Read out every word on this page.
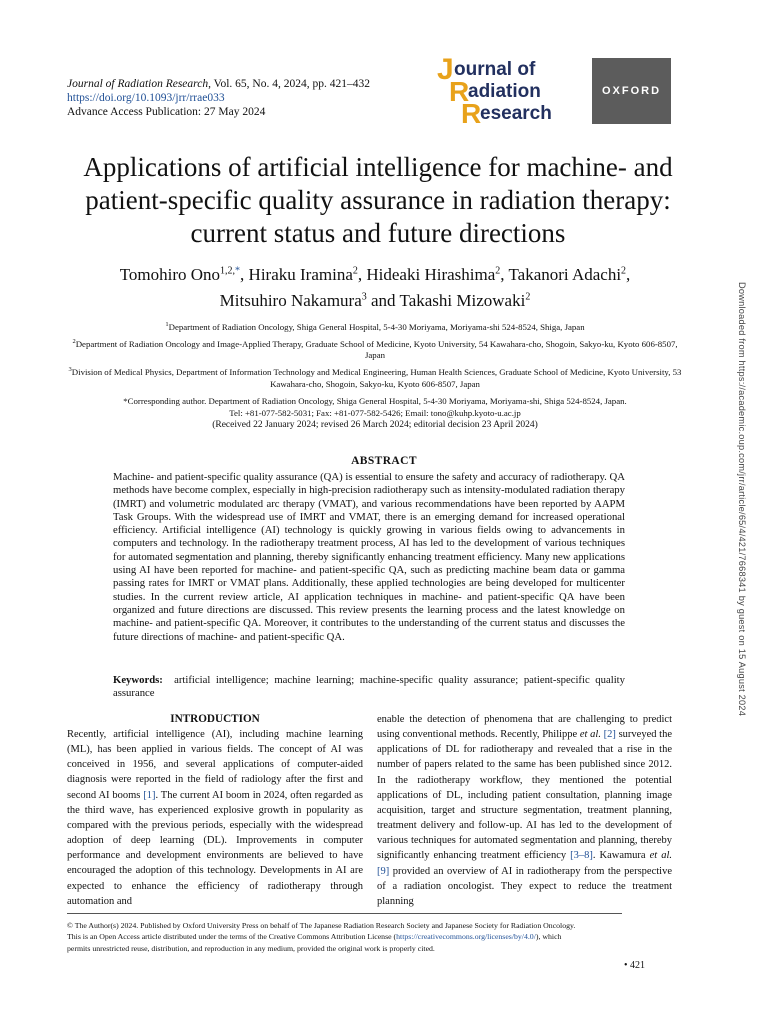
Journal of Radiation Research, Vol. 65, No. 4, 2024, pp. 421–432
https://doi.org/10.1093/jrr/rrae033
Advance Access Publication: 27 May 2024
J ournal of
R
adiation
R
esearch
OXFORD
Applications of artificial intelligence for machine- and patient-specific quality assurance in radiation therapy: current status and future directions
Tomohiro Ono$^{1,2,*}$, Hiraku Iramina$^2$, Hideaki Hirashima$^2$, Takanori Adachi$^2$,
Mitsuhiro Nakamura$^3$ and Takashi Mizowaki$^2$

$^1$Department of Radiation Oncology, Shiga General Hospital, 5-4-30 Moriyama, Moriyama-shi 524-8524, Shiga, Japan

$^2$Department of Radiation Oncology and Image-Applied Therapy, Graduate School of Medicine, Kyoto University, 54 Kawahara-cho, Shogoin, Sakyo-ku, Kyoto 606-8507, Japan

$^3$Division of Medical Physics, Department of Information Technology and Medical Engineering, Human Health Sciences, Graduate School of Medicine, Kyoto University, 53 Kawahara-cho, Shogoin, Sakyo-ku, Kyoto 606-8507, Japan

*Corresponding author. Department of Radiation Oncology, Shiga General Hospital, 5-4-30 Moriyama, Moriyama-shi, Shiga 524-8524, Japan.
Tel: +81-077-582-5031; Fax: +81-077-582-5426; Email: tono@kuhp.kyoto-u.ac.jp
(Received 22 January 2024; revised 26 March 2024; editorial decision 23 April 2024)

ABSTRACT

Machine- and patient-specific quality assurance (QA) is essential to ensure the safety and accuracy of radiotherapy. QA methods have become complex, especially in high-precision radiotherapy such as intensity-modulated radiation therapy (IMRT) and volumetric modulated arc therapy (VMAT), and various recommendations have been reported by AAPM Task Groups. With the widespread use of IMRT and VMAT, there is an emerging demand for increased operational efficiency. Artificial intelligence (AI) technology is quickly growing in various fields owing to advancements in computers and technology. In the radiotherapy treatment process, AI has led to the development of various techniques for automated segmentation and planning, thereby significantly enhancing treatment efficiency. Many new applications using AI have been reported for machine- and patient-specific QA, such as predicting machine beam data or gamma passing rates for IMRT or VMAT plans. Additionally, these applied technologies are being developed for multicenter studies. In the current review article, AI application techniques in machine- and patient-specific QA have been organized and future directions are discussed. This review presents the learning process and the latest knowledge on machine- and patient-specific QA. Moreover, it contributes to the understanding of the current status and discusses the future directions of machine- and patient-specific QA.

Keywords: artificial intelligence; machine learning; machine-specific quality assurance; patient-specific quality assurance

INTRODUCTION

Recently, artificial intelligence (AI), including machine learning (ML), has been applied in various fields. The concept of AI was conceived in 1956, and several applications of computer-aided diagnosis were reported in the field of radiology after the first and second AI booms [1]. The current AI boom in 2024, often regarded as the third wave, has experienced explosive growth in popularity as compared with the previous periods, especially with the widespread adoption of deep learning (DL). Improvements in computer performance and development environments are believed to have encouraged the adoption of this technology. Developments in AI are expected to enhance the efficiency of radiotherapy through automation and

enable the detection of phenomena that are challenging to predict using conventional methods. Recently, Philippe et al. [2] surveyed the applications of DL for radiotherapy and revealed that a rise in the number of papers related to the same has been published since 2012. In the radiotherapy workflow, they mentioned the potential applications of DL, including patient consultation, planning image acquisition, target and structure segmentation, treatment planning, treatment delivery and follow-up. AI has led to the development of various techniques for automated segmentation and planning, thereby significantly enhancing treatment efficiency [3–8]. Kawamura et al. [9] provided an overview of AI in radiotherapy from the perspective of a radiation oncologist. They expect to reduce the treatment planning

© The Author(s) 2024. Published by Oxford University Press on behalf of The Japanese Radiation Research Society and Japanese Society for Radiation Oncology.
This is an Open Access article distributed under the terms of the Creative Commons Attribution License (https://creativecommons.org/licenses/by/4.0/), which
permits unrestricted reuse, distribution, and reproduction in any medium, provided the original work is properly cited.

• 421
Downloaded from https://academic.oup.com/jrr/article/65/4/421/7668341 by guest on 15 August 2024
